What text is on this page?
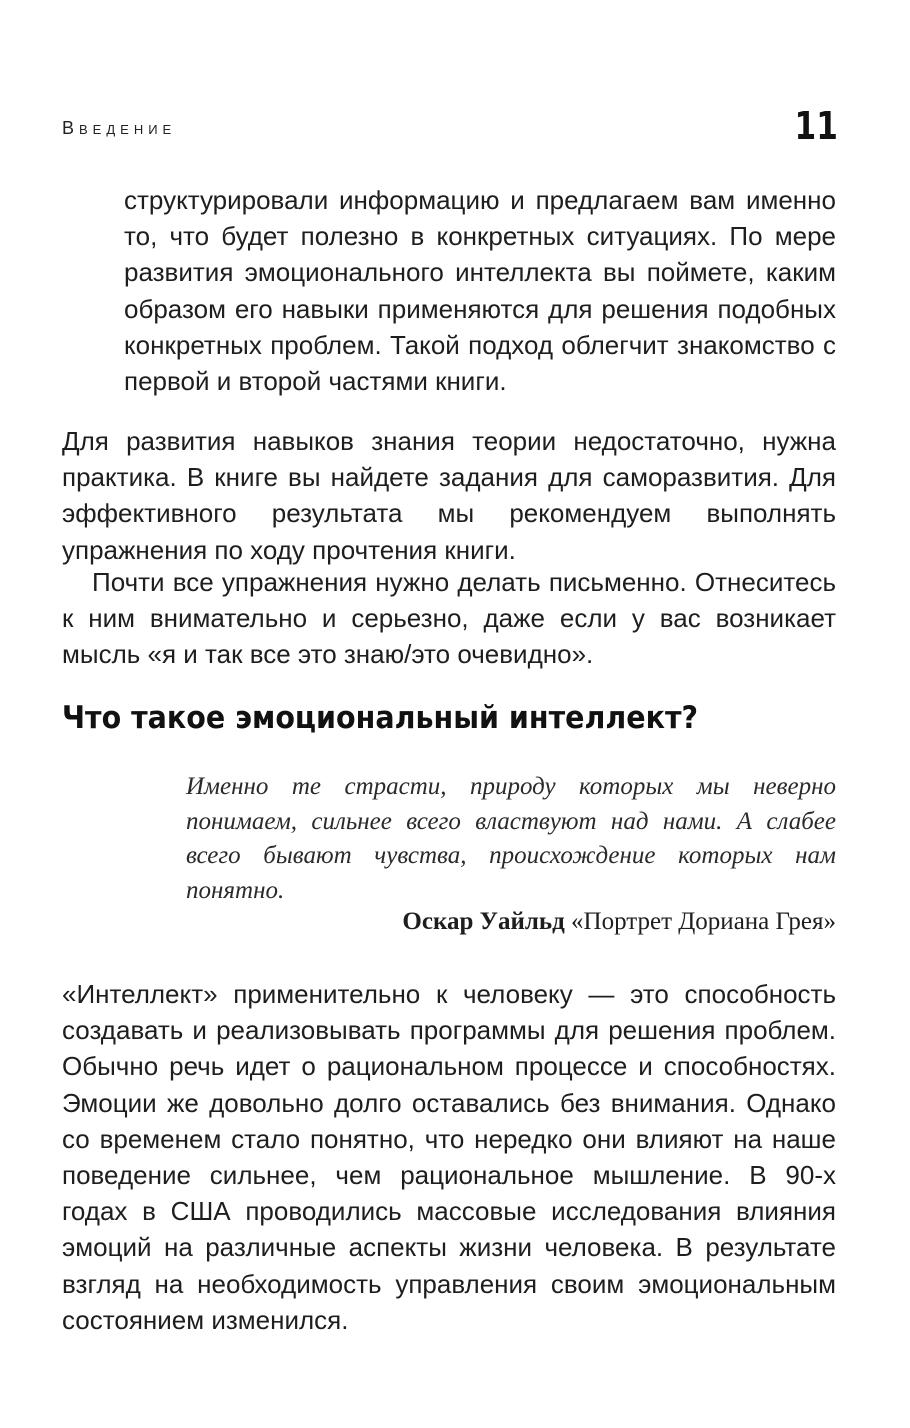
Введение	11

структурировали информацию и предлагаем вам именно то, что будет полезно в конкретных ситуациях. По мере развития эмоционального интеллекта вы поймете, каким образом его навыки применяются для решения подобных конкретных проблем. Такой подход облегчит знакомство с первой и второй частями книги.

Для развития навыков знания теории недостаточно, нужна практика. В книге вы найдете задания для саморазвития. Для эффективного результата мы рекомендуем выполнять упражнения по ходу прочтения книги.

Почти все упражнения нужно делать письменно. Отнеситесь к ним внимательно и серьезно, даже если у вас возникает мысль «я и так все это знаю/это очевидно».

Что такое эмоциональный интеллект?

Именно те страсти, природу которых мы неверно понимаем, сильнее всего властвуют над нами. А слабее всего бывают чувства, происхождение которых нам понятно.

Оскар Уайльд «Портрет Дориана Грея»

«Интеллект» применительно к человеку — это способность создавать и реализовывать программы для решения проблем. Обычно речь идет о рациональном процессе и способностях. Эмоции же довольно долго оставались без внимания. Однако со временем стало понятно, что нередко они влияют на наше поведение сильнее, чем рациональное мышление. В 90-х годах в США проводились массовые исследования влияния эмоций на различные аспекты жизни человека. В результате взгляд на необходимость управления своим эмоциональным состоянием изменился.
